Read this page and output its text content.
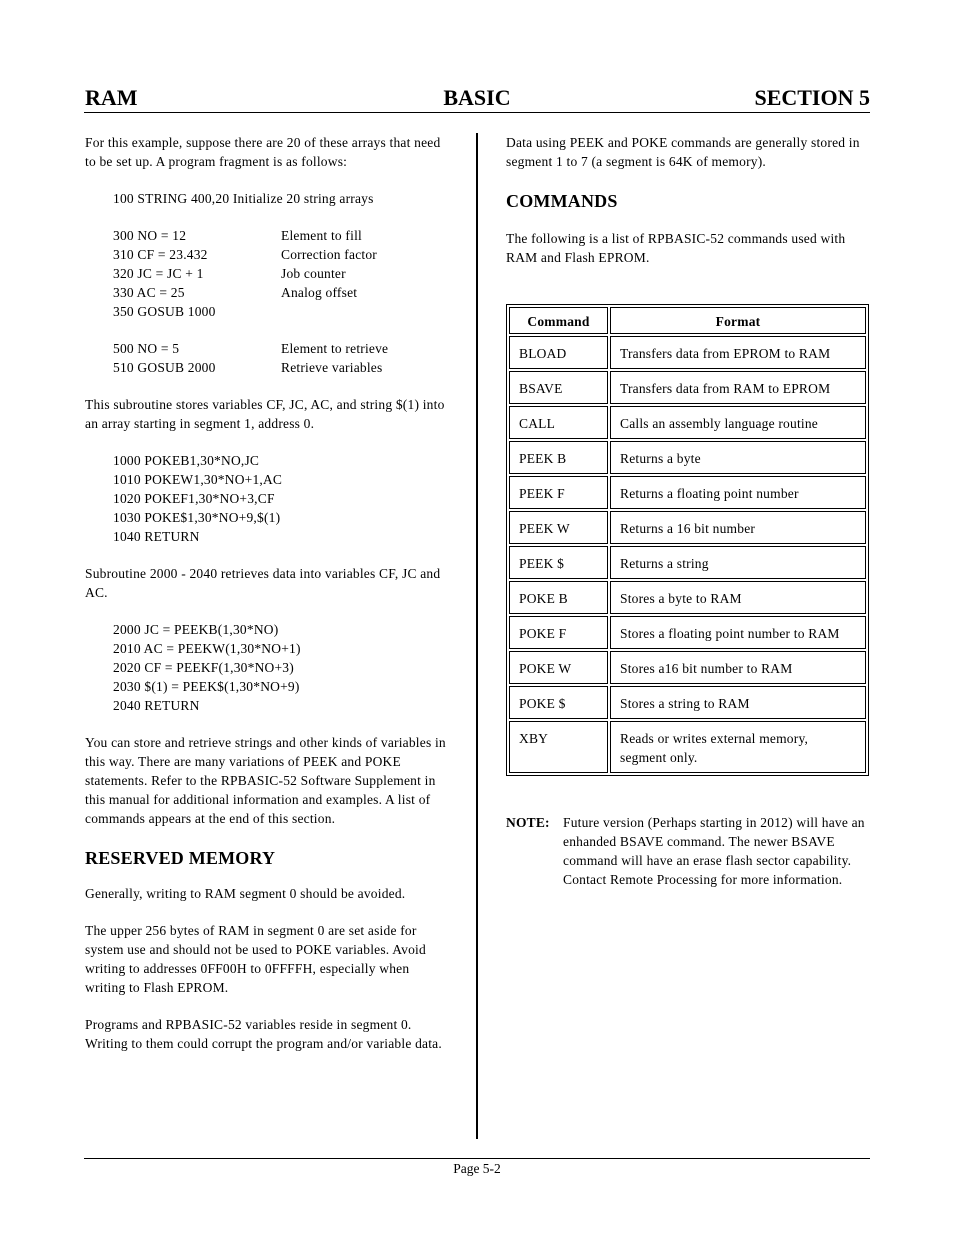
RAM	BASIC	SECTION 5

For this example, suppose there are 20 of these arrays that need to be set up. A program fragment is as follows:

100 STRING 400,20 Initialize 20 string arrays
300 NO = 12	Element to fill
310 CF = 23.432	Correction factor
320 JC = JC + 1	Job counter
330 AC = 25	Analog offset
350 GOSUB 1000
500 NO = 5	Element to retrieve
510 GOSUB 2000	Retrieve variables

This subroutine stores variables CF, JC, AC, and string $(1) into an array starting in segment 1, address 0.

1000 POKEB1,30*NO,JC
1010 POKEW1,30*NO+1,AC
1020 POKEF1,30*NO+3,CF
1030 POKE$1,30*NO+9,$(1)
1040 RETURN

Subroutine 2000 - 2040 retrieves data into variables CF, JC and AC.

2000 JC = PEEKB(1,30*NO)
2010 AC = PEEKW(1,30*NO+1)
2020 CF = PEEKF(1,30*NO+3)
2030 $(1) = PEEK$(1,30*NO+9)
2040 RETURN

You can store and retrieve strings and other kinds of variables in this way. There are many variations of PEEK and POKE statements. Refer to the RPBASIC-52 Software Supplement in this manual for additional information and examples. A list of commands appears at the end of this section.

RESERVED MEMORY

Generally, writing to RAM segment 0 should be avoided.

The upper 256 bytes of RAM in segment 0 are set aside for system use and should not be used to POKE variables. Avoid writing to addresses 0FF00H to 0FFFFH, especially when writing to Flash EPROM.

Programs and RPBASIC-52 variables reside in segment 0. Writing to them could corrupt the program and/or variable data.

Data using PEEK and POKE commands are generally stored in segment 1 to 7 (a segment is 64K of memory).

COMMANDS

The following is a list of RPBASIC-52 commands used with RAM and Flash EPROM.

Command	Format
BLOAD	Transfers data from EPROM to RAM
BSAVE	Transfers data from RAM to EPROM
CALL	Calls an assembly language routine
PEEK B	Returns a byte
PEEK F	Returns a floating point number
PEEK W	Returns a 16 bit number
PEEK $	Returns a string
POKE B	Stores a byte to RAM
POKE F	Stores a floating point number to RAM
POKE W	Stores a16 bit number to RAM
POKE $	Stores a string to RAM
XBY	Reads or writes external memory, segment only.
NOTE: Future version (Perhaps starting in 2012) will have an enhanded BSAVE command. The newer BSAVE command will have an erase flash sector capability. Contact Remote Processing for more information.
Page 5-2
